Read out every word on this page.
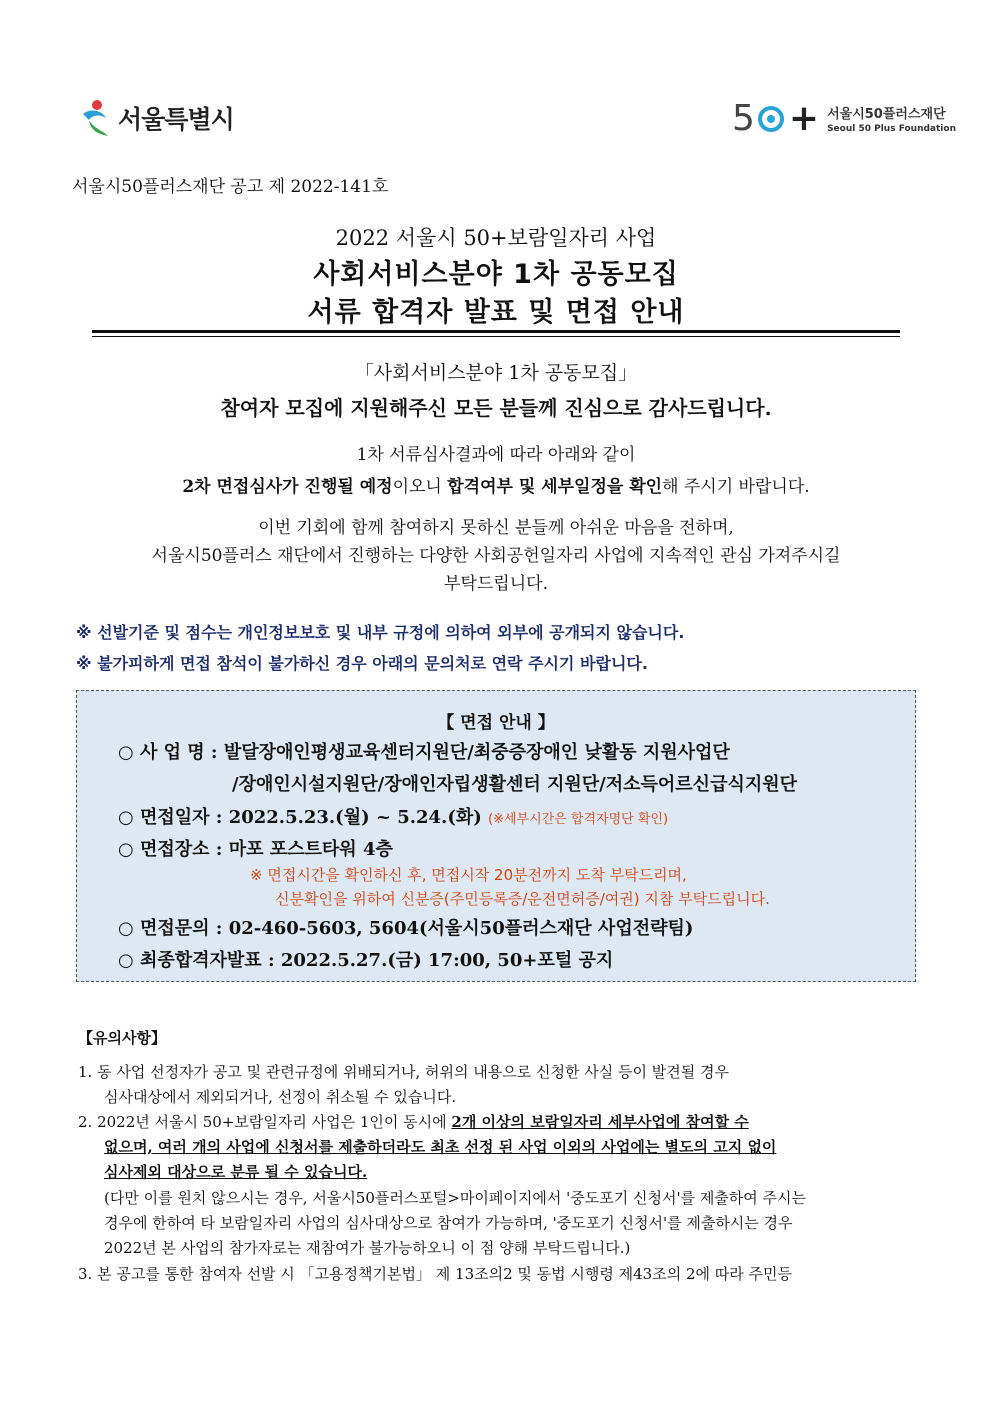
서울특별시	5 + 서울시50플러스재단
Seoul 50 Plus Foundation
서울시50플러스재단 공고 제 2022-141호
2022 서울시 50+보람일자리 사업
사회서비스분야 1차 공동모집
서류 합격자 발표 및 면접 안내
「사회서비스분야 1차 공동모집」
참여자 모집에 지원해주신 모든 분들께 진심으로 감사드립니다.
1차 서류심사결과에 따라 아래와 같이
2차 면접심사가 진행될 예정이오니 합격여부 및 세부일정을 확인해 주시기 바랍니다.
이번 기회에 함께 참여하지 못하신 분들께 아쉬운 마음을 전하며,
서울시50플러스 재단에서 진행하는 다양한 사회공헌일자리 사업에 지속적인 관심 가져주시길
부탁드립니다.
※ 선발기준 및 점수는 개인정보보호 및 내부 규정에 의하여 외부에 공개되지 않습니다.
※ 불가피하게 면접 참석이 불가하신 경우 아래의 문의처로 연락 주시기 바랍니다.
【 면접 안내 】
○ 사 업 명 : 발달장애인평생교육센터지원단/최중증장애인 낮활동 지원사업단
/장애인시설지원단/장애인자립생활센터 지원단/저소득어르신급식지원단
○ 면접일자 : 2022.5.23.(월) ~ 5.24.(화) (※세부시간은 합격자명단 확인)
○ 면접장소 : 마포 포스트타워 4층
※ 면접시간을 확인하신 후, 면접시작 20분전까지 도착 부탁드리며,
신분확인을 위하여 신분증(주민등록증/운전면허증/여권) 지참 부탁드립니다.
○ 면접문의 : 02-460-5603, 5604(서울시50플러스재단 사업전략팀)
○ 최종합격자발표 : 2022.5.27.(금) 17:00, 50+포털 공지
【유의사항】
1. 동 사업 선정자가 공고 및 관련규정에 위배되거나, 허위의 내용으로 신청한 사실 등이 발견될 경우
심사대상에서 제외되거나, 선정이 취소될 수 있습니다.
2. 2022년 서울시 50+보람일자리 사업은 1인이 동시에 2개 이상의 보람일자리 세부사업에 참여할 수
없으며, 여러 개의 사업에 신청서를 제출하더라도 최초 선정 된 사업 이외의 사업에는 별도의 고지 없이
심사제외 대상으로 분류 될 수 있습니다.
(다만 이를 원치 않으시는 경우, 서울시50플러스포털>마이페이지에서 '중도포기 신청서'를 제출하여 주시는
경우에 한하여 타 보람일자리 사업의 심사대상으로 참여가 가능하며, '중도포기 신청서'를 제출하시는 경우
2022년 본 사업의 참가자로는 재참여가 불가능하오니 이 점 양해 부탁드립니다.)
3. 본 공고를 통한 참여자 선발 시 「고용정책기본법」 제 13조의2 및 동법 시행령 제43조의 2에 따라 주민등
